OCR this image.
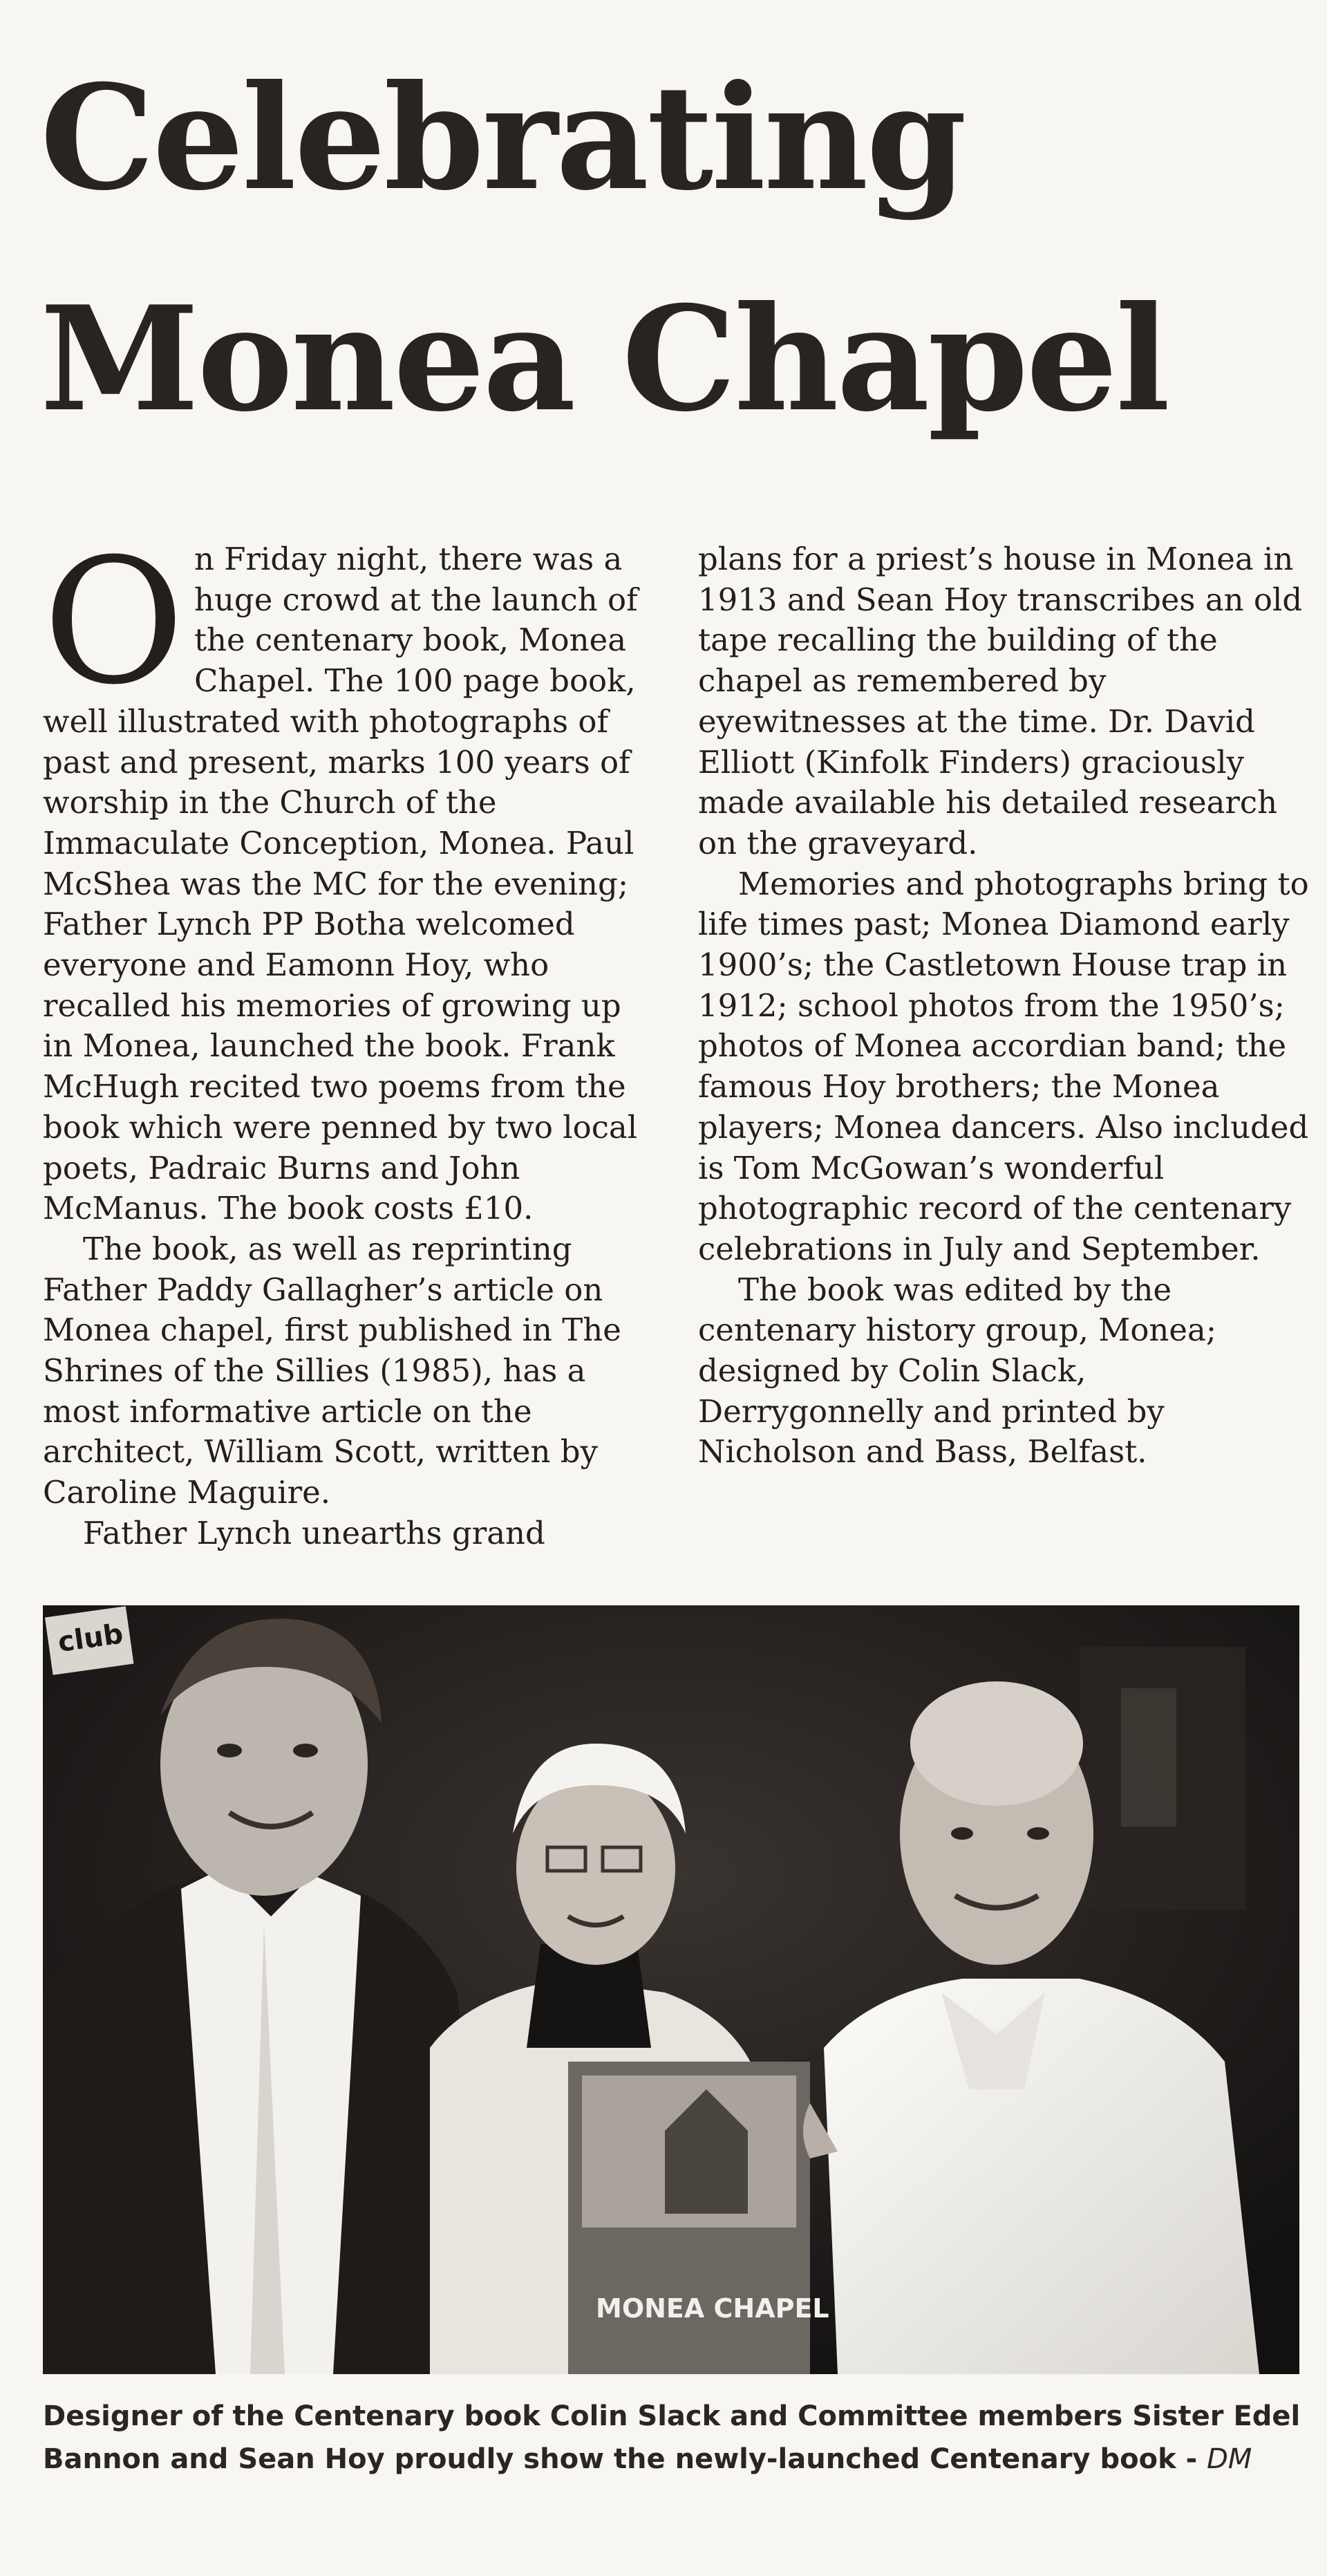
Celebrating
Monea Chapel

On Friday night, there was a huge crowd at the launch of the centenary book, Monea Chapel. The 100 page book, well illustrated with photographs of past and present, marks 100 years of worship in the Church of the Immaculate Conception, Monea. Paul McShea was the MC for the evening; Father Lynch PP Botha welcomed everyone and Eamonn Hoy, who recalled his memories of growing up in Monea, launched the book. Frank McHugh recited two poems from the book which were penned by two local poets, Padraic Burns and John McManus. The book costs £10.

The book, as well as reprinting Father Paddy Gallagher’s article on Monea chapel, first published in The Shrines of the Sillies (1985), has a most informative article on the architect, William Scott, written by Caroline Maguire.

Father Lynch unearths grand

plans for a priest’s house in Monea in 1913 and Sean Hoy transcribes an old tape recalling the building of the chapel as remembered by eyewitnesses at the time. Dr. David Elliott (Kinfolk Finders) graciously made available his detailed research on the graveyard.

Memories and photographs bring to life times past; Monea Diamond early 1900’s; the Castletown House trap in 1912; school photos from the 1950’s; photos of Monea accordian band; the famous Hoy brothers; the Monea players; Monea dancers. Also included is Tom McGowan’s wonderful photographic record of the centenary celebrations in July and September.

The book was edited by the centenary history group, Monea; designed by Colin Slack, Derrygonnelly and printed by Nicholson and Bass, Belfast.

club
MONEA CHAPEL

Designer of the Centenary book Colin Slack and Committee members Sister Edel
Bannon and Sean Hoy proudly show the newly-launched Centenary book - DM
